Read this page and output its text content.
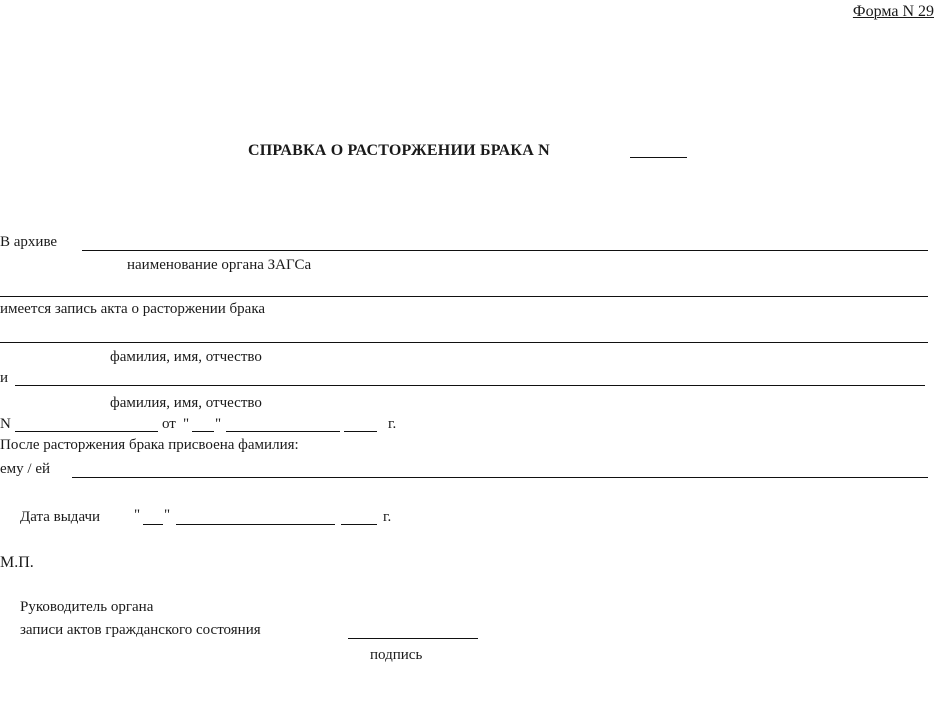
Форма N 29
СПРАВКА О РАСТОРЖЕНИИ БРАКА N
В архиве
наименование органа ЗАГСа
имеется запись акта о расторжении брака
фамилия, имя, отчество
и
фамилия, имя, отчество
N	от " "	г.
После расторжения брака присвоена фамилия:
ему / ей
Дата выдачи " "	г.
М.П.
Руководитель органа
записи актов гражданского состояния
подпись
